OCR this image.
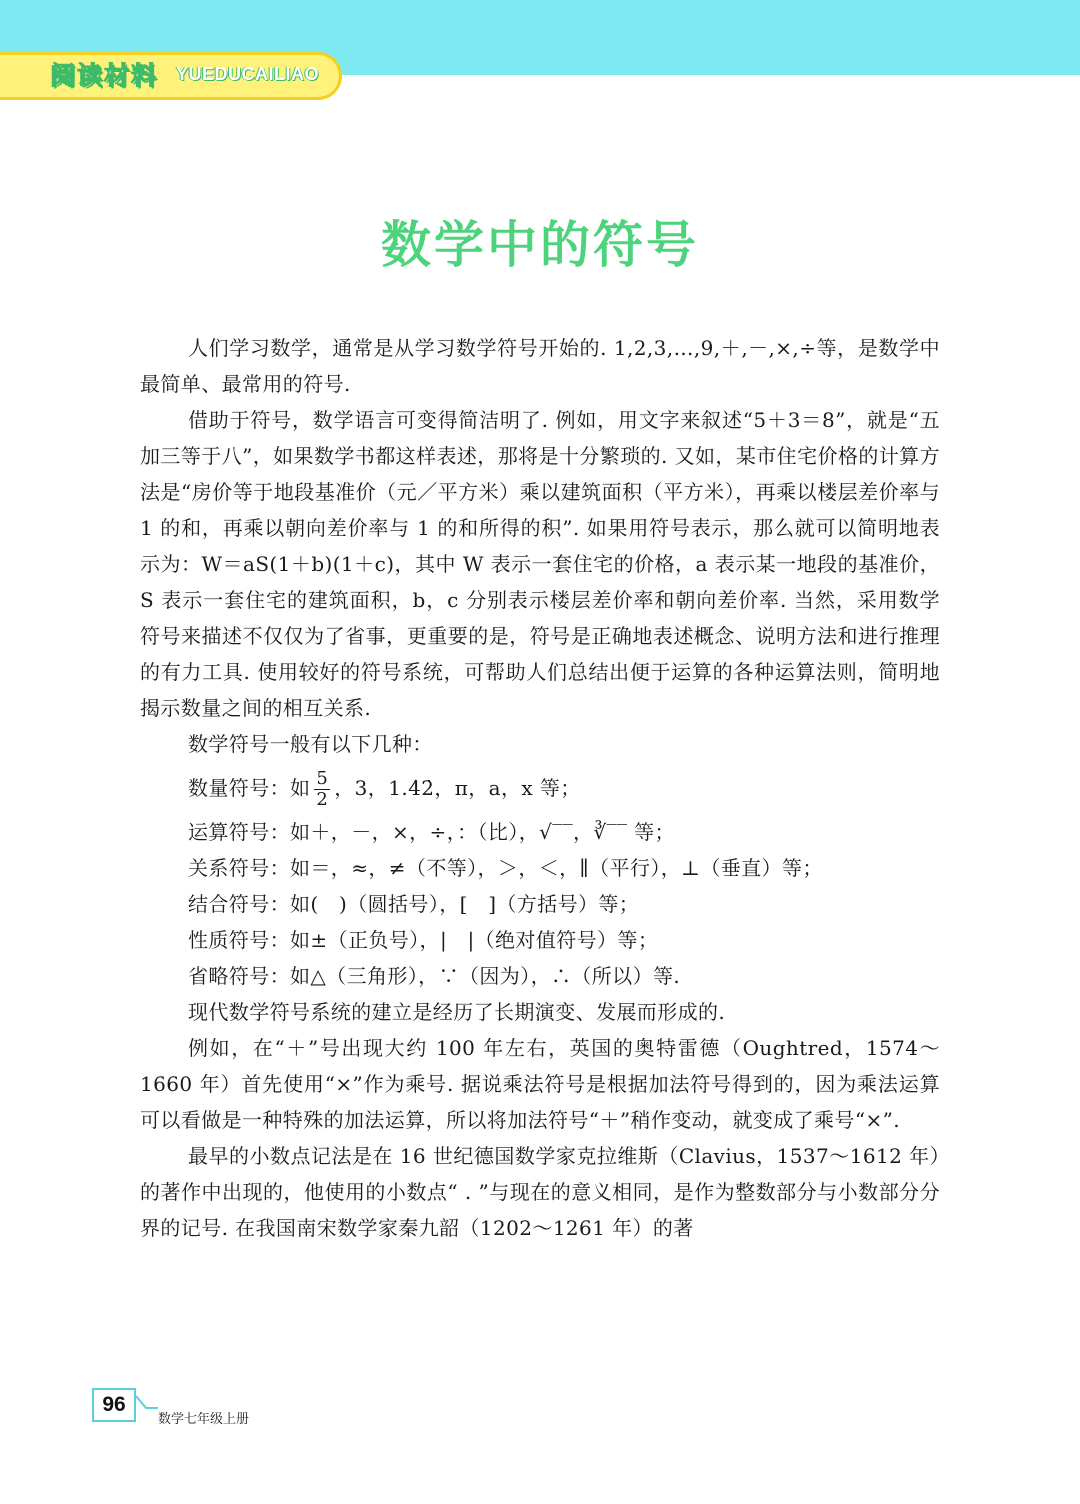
阅读材料 YUEDUCAILIAO
数学中的符号

人们学习数学，通常是从学习数学符号开始的. 1,2,3,…,9,＋,－,×,÷等，是数学中最简单、最常用的符号.

借助于符号，数学语言可变得简洁明了. 例如，用文字来叙述“5＋3＝8”，就是“五加三等于八”，如果数学书都这样表述，那将是十分繁琐的. 又如，某市住宅价格的计算方法是“房价等于地段基准价（元／平方米）乘以建筑面积（平方米），再乘以楼层差价率与 1 的和，再乘以朝向差价率与 1 的和所得的积”. 如果用符号表示，那么就可以简明地表示为：W＝aS(1＋b)(1＋c)，其中 W 表示一套住宅的价格，a 表示某一地段的基准价，S 表示一套住宅的建筑面积，b，c 分别表示楼层差价率和朝向差价率. 当然，采用数学符号来描述不仅仅为了省事，更重要的是，符号是正确地表述概念、说明方法和进行推理的有力工具. 使用较好的符号系统，可帮助人们总结出便于运算的各种运算法则，简明地揭示数量之间的相互关系.

数学符号一般有以下几种：

数量符号：如 $\frac{5}{2}$ ，3，1.4̇2̇，π，a，x 等；
运算符号：如＋，－，×，÷，：（比），√‾‾，∛‾‾ 等；
关系符号：如＝，≈，≠（不等），＞，＜，∥（平行），⊥（垂直）等；
结合符号：如(　)（圆括号），[　]（方括号）等；
性质符号：如±（正负号），|　|（绝对值符号）等；
省略符号：如△（三角形），∵（因为），∴（所以）等.

现代数学符号系统的建立是经历了长期演变、发展而形成的.

例如，在“＋”号出现大约 100 年左右，英国的奥特雷德（Oughtred，1574～1660 年）首先使用“×”作为乘号. 据说乘法符号是根据加法符号得到的，因为乘法运算可以看做是一种特殊的加法运算，所以将加法符号“＋”稍作变动，就变成了乘号“×”.

最早的小数点记法是在 16 世纪德国数学家克拉维斯（Clavius，1537～1612 年）的著作中出现的，他使用的小数点“ . ”与现在的意义相同，是作为整数部分与小数部分分界的记号. 在我国南宋数学家秦九韶（1202～1261 年）的著

96
数学七年级上册
